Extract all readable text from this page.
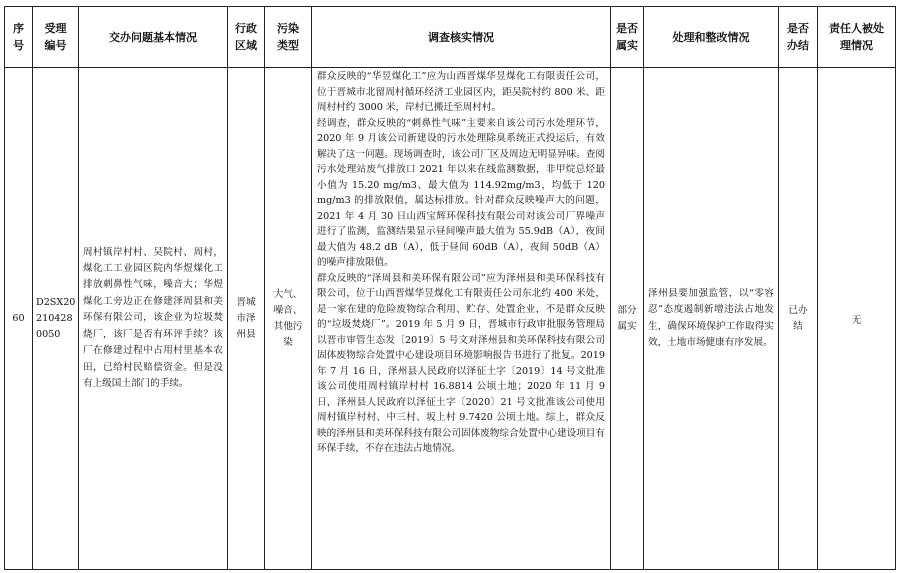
序号	受理编号	交办问题基本情况	行政区域	污染类型	调查核实情况	是否属实	处理和整改情况	是否办结	责任人被处理情况
60	D2SX20210428 0050	周村镇岸村村、吴院村、周村，煤化工工业园区院内华煜煤化工排放刺鼻性气味，噪音大；华煜煤化工旁边正在修建泽周县和美环保有限公司，该企业为垃圾焚烧厂，该厂是否有环评手续？该厂在修建过程中占用村里基本农田，已给村民赔偿资金。但是没有上级国土部门的手续。	晋城市泽州县	大气、噪音、其他污染	群众反映的“华昱煤化工”应为山西晋煤华昱煤化工有限责任公司，位于晋城市北留周村循环经济工业园区内，距吴院村约 800 米、距周村村约 3000 米，岸村已搬迁至周村村。

经调查，群众反映的“刺鼻性气味”主要来自该公司污水处理环节，2020 年 9 月该公司新建设的污水处理除臭系统正式投运后，有效解决了这一问题。现场调查时，该公司厂区及周边无明显异味。查阅污水处理站废气排放口 2021 年以来在线监测数据，非甲烷总烃最小值为 15.20 mg/m3、最大值为 114.92mg/m3，均低于 120 mg/m3 的排放限值，属达标排放。针对群众反映噪声大的问题，2021 年 4 月 30 日山西宝辉环保科技有限公司对该公司厂界噪声进行了监测，监测结果显示昼间噪声最大值为 55.9dB（A），夜间最大值为 48.2 dB（A），低于昼间 60dB（A），夜间 50dB（A）的噪声排放限值。

群众反映的“泽周县和美环保有限公司”应为泽州县和美环保科技有限公司，位于山西晋煤华昱煤化工有限责任公司东北约 400 米处，是一家在建的危险废物综合利用、贮存、处置企业，不是群众反映的“垃圾焚烧厂”。2019 年 5 月 9 日，晋城市行政审批服务管理局以晋市审管生态发〔2019〕5 号文对泽州县和美环保科技有限公司固体废物综合处置中心建设项目环境影响报告书进行了批复。2019 年 7 月 16 日，泽州县人民政府以泽征土字〔2019〕14 号文批准该公司使用周村镇岸村村 16.8814 公顷土地；2020 年 11 月 9 日，泽州县人民政府以泽征土字〔2020〕21 号文批准该公司使用周村镇岸村村、中三村、坂上村 9.7420 公顷土地。综上，群众反映的泽州县和美环保科技有限公司固体废物综合处置中心建设项目有环保手续，不存在违法占地情况。	部分属实	泽州县要加强监管，以“零容忍”态度遏制新增违法占地发生，确保环境保护工作取得实效，土地市场健康有序发展。	已办结	无
